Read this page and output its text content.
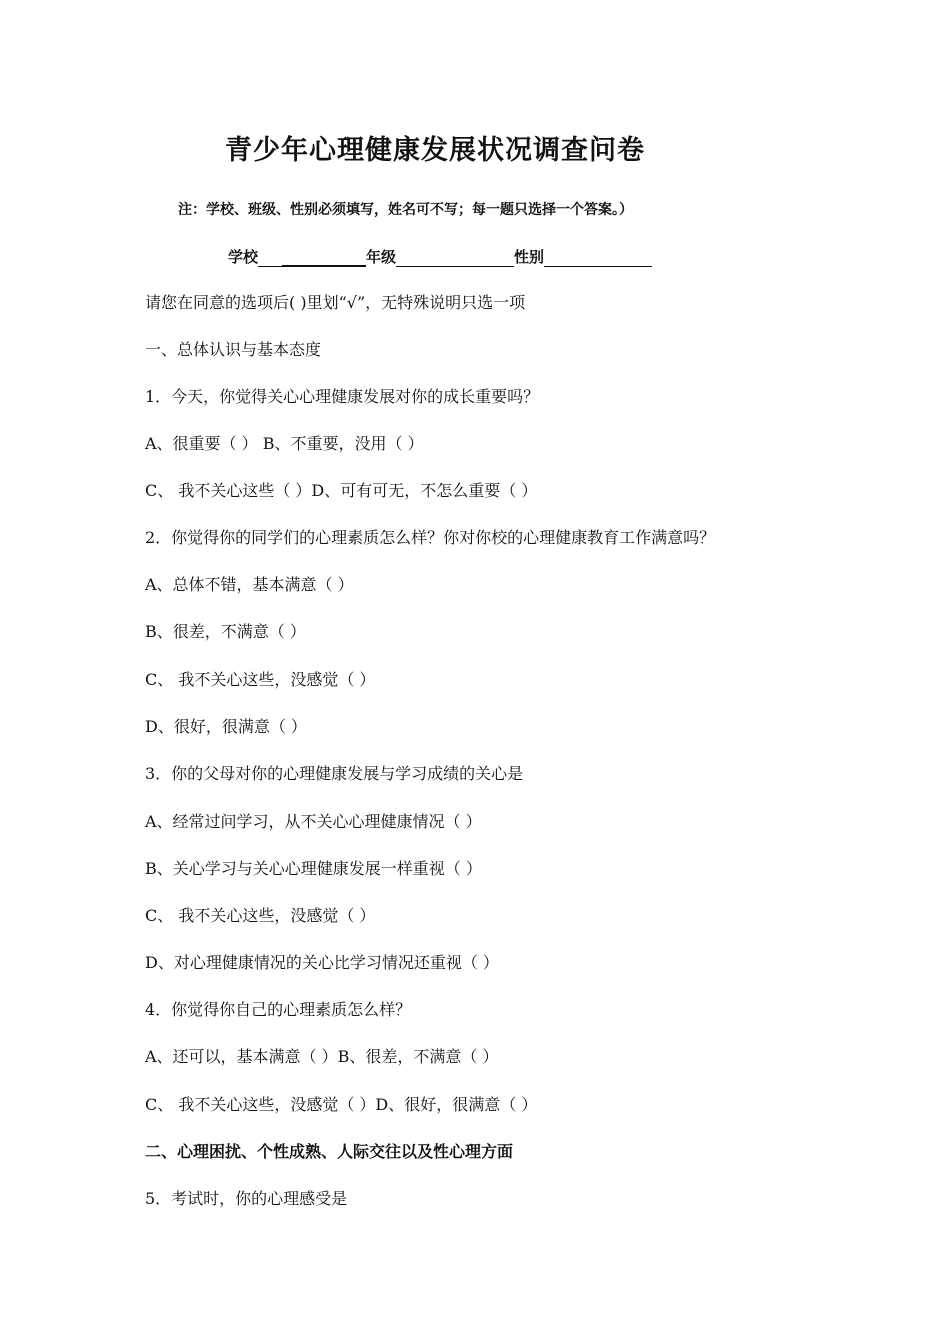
青少年心理健康发展状况调查问卷
注：学校、班级、性别必须填写，姓名可不写；每一题只选择一个答案。）
学校	年级	性别
请您在同意的选项后( )里划“√”，无特殊说明只选一项
一、总体认识与基本态度
1．今天，你觉得关心心理健康发展对你的成长重要吗？
A、很重要（ ） B、不重要，没用（ ）
C、 我不关心这些（ ）D、可有可无，不怎么重要（ ）
2．你觉得你的同学们的心理素质怎么样？你对你校的心理健康教育工作满意吗？
A、总体不错，基本满意（ ）
B、很差，不满意（ ）
C、 我不关心这些，没感觉（ ）
D、很好，很满意（ ）
3．你的父母对你的心理健康发展与学习成绩的关心是
A、经常过问学习，从不关心心理健康情况（ ）
B、关心学习与关心心理健康发展一样重视（ ）
C、 我不关心这些，没感觉（ ）
D、对心理健康情况的关心比学习情况还重视（ ）
4．你觉得你自己的心理素质怎么样？
A、还可以，基本满意（ ）B、很差，不满意（ ）
C、 我不关心这些，没感觉（ ）D、很好，很满意（ ）
二、心理困扰、个性成熟、人际交往以及性心理方面
5．考试时，你的心理感受是
